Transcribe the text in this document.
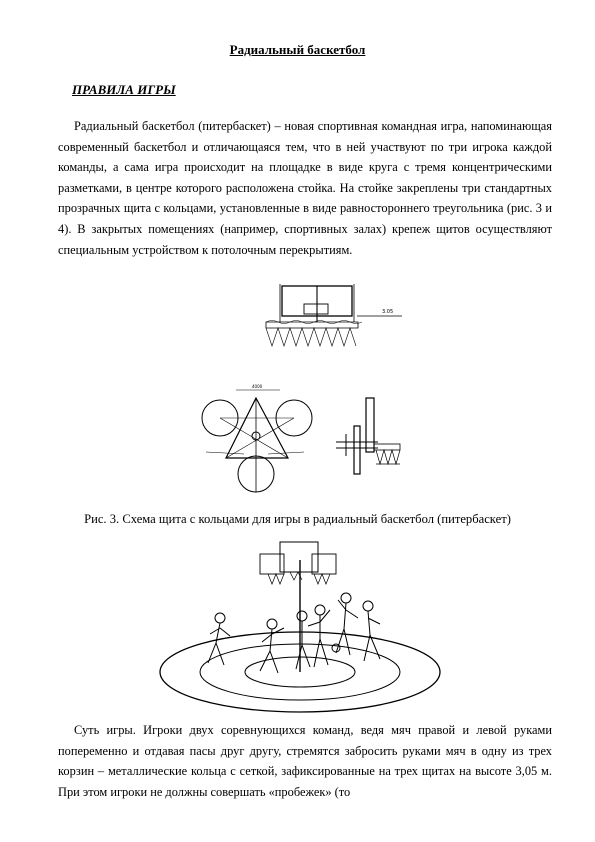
Радиальный баскетбол
ПРАВИЛА ИГРЫ

Радиальный баскетбол (питербаскет) – новая спортивная командная игра, напоминающая современный баскетбол и отличающаяся тем, что в ней участвуют по три игрока каждой команды, а сама игра происходит на площадке в виде круга с тремя концентрическими разметками, в центре которого расположена стойка. На стойке закреплены три стандартных прозрачных щита с кольцами, установленные в виде равностороннего треугольника (рис. 3 и 4). В закрытых помещениях (например, спортивных залах) крепеж щитов осуществляют специальным устройством к потолочным перекрытиям.

3.05
4000
Рис. 3. Схема щита с кольцами для игры в радиальный баскетбол (питербаскет)

Суть игры. Игроки двух соревнующихся команд, ведя мяч правой и левой руками попеременно и отдавая пасы друг другу, стремятся забросить руками мяч в одну из трех корзин – металлические кольца с сеткой, зафиксированные на трех щитах на высоте 3,05 м. При этом игроки не должны совершать «пробежек» (то
